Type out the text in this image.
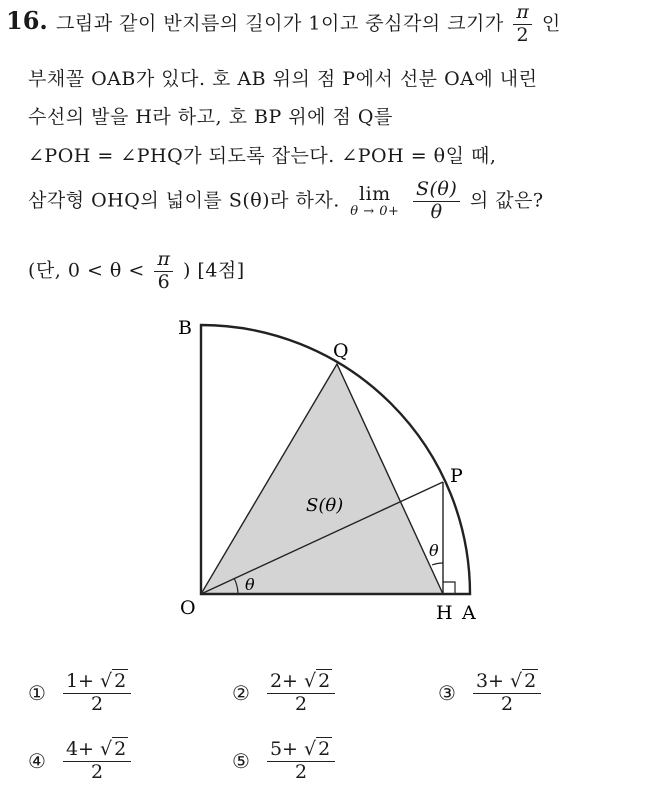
16. 그림과 같이 반지름의 길이가 1이고 중심각의 크기가 $\frac{\pi}{2}$ 인
부채꼴 OAB가 있다. 호 AB 위의 점 P에서 선분 OA에 내린
수선의 발을 H라 하고, 호 BP 위에 점 Q를
∠POH = ∠PHQ가 되도록 잡는다. ∠POH = θ일 때,
삼각형 OHQ의 넓이를 S(θ)라 하자. lim
θ → 0+
$\frac{S(\theta)}{\theta}$ 의 값은?
(단, $0 < \theta < \frac{\pi}{6}$ ) [4점]
B
Q
P
O	H A
S(θ)
θ
θ
① $\frac{1+ √ 2}{2}$	② $\frac{2+ √ 2}{2}$	③ $\frac{3+ √ 2}{2}$
④ $\frac{4+ √ 2}{2}$	⑤ $\frac{5+ √ 2}{2}$
